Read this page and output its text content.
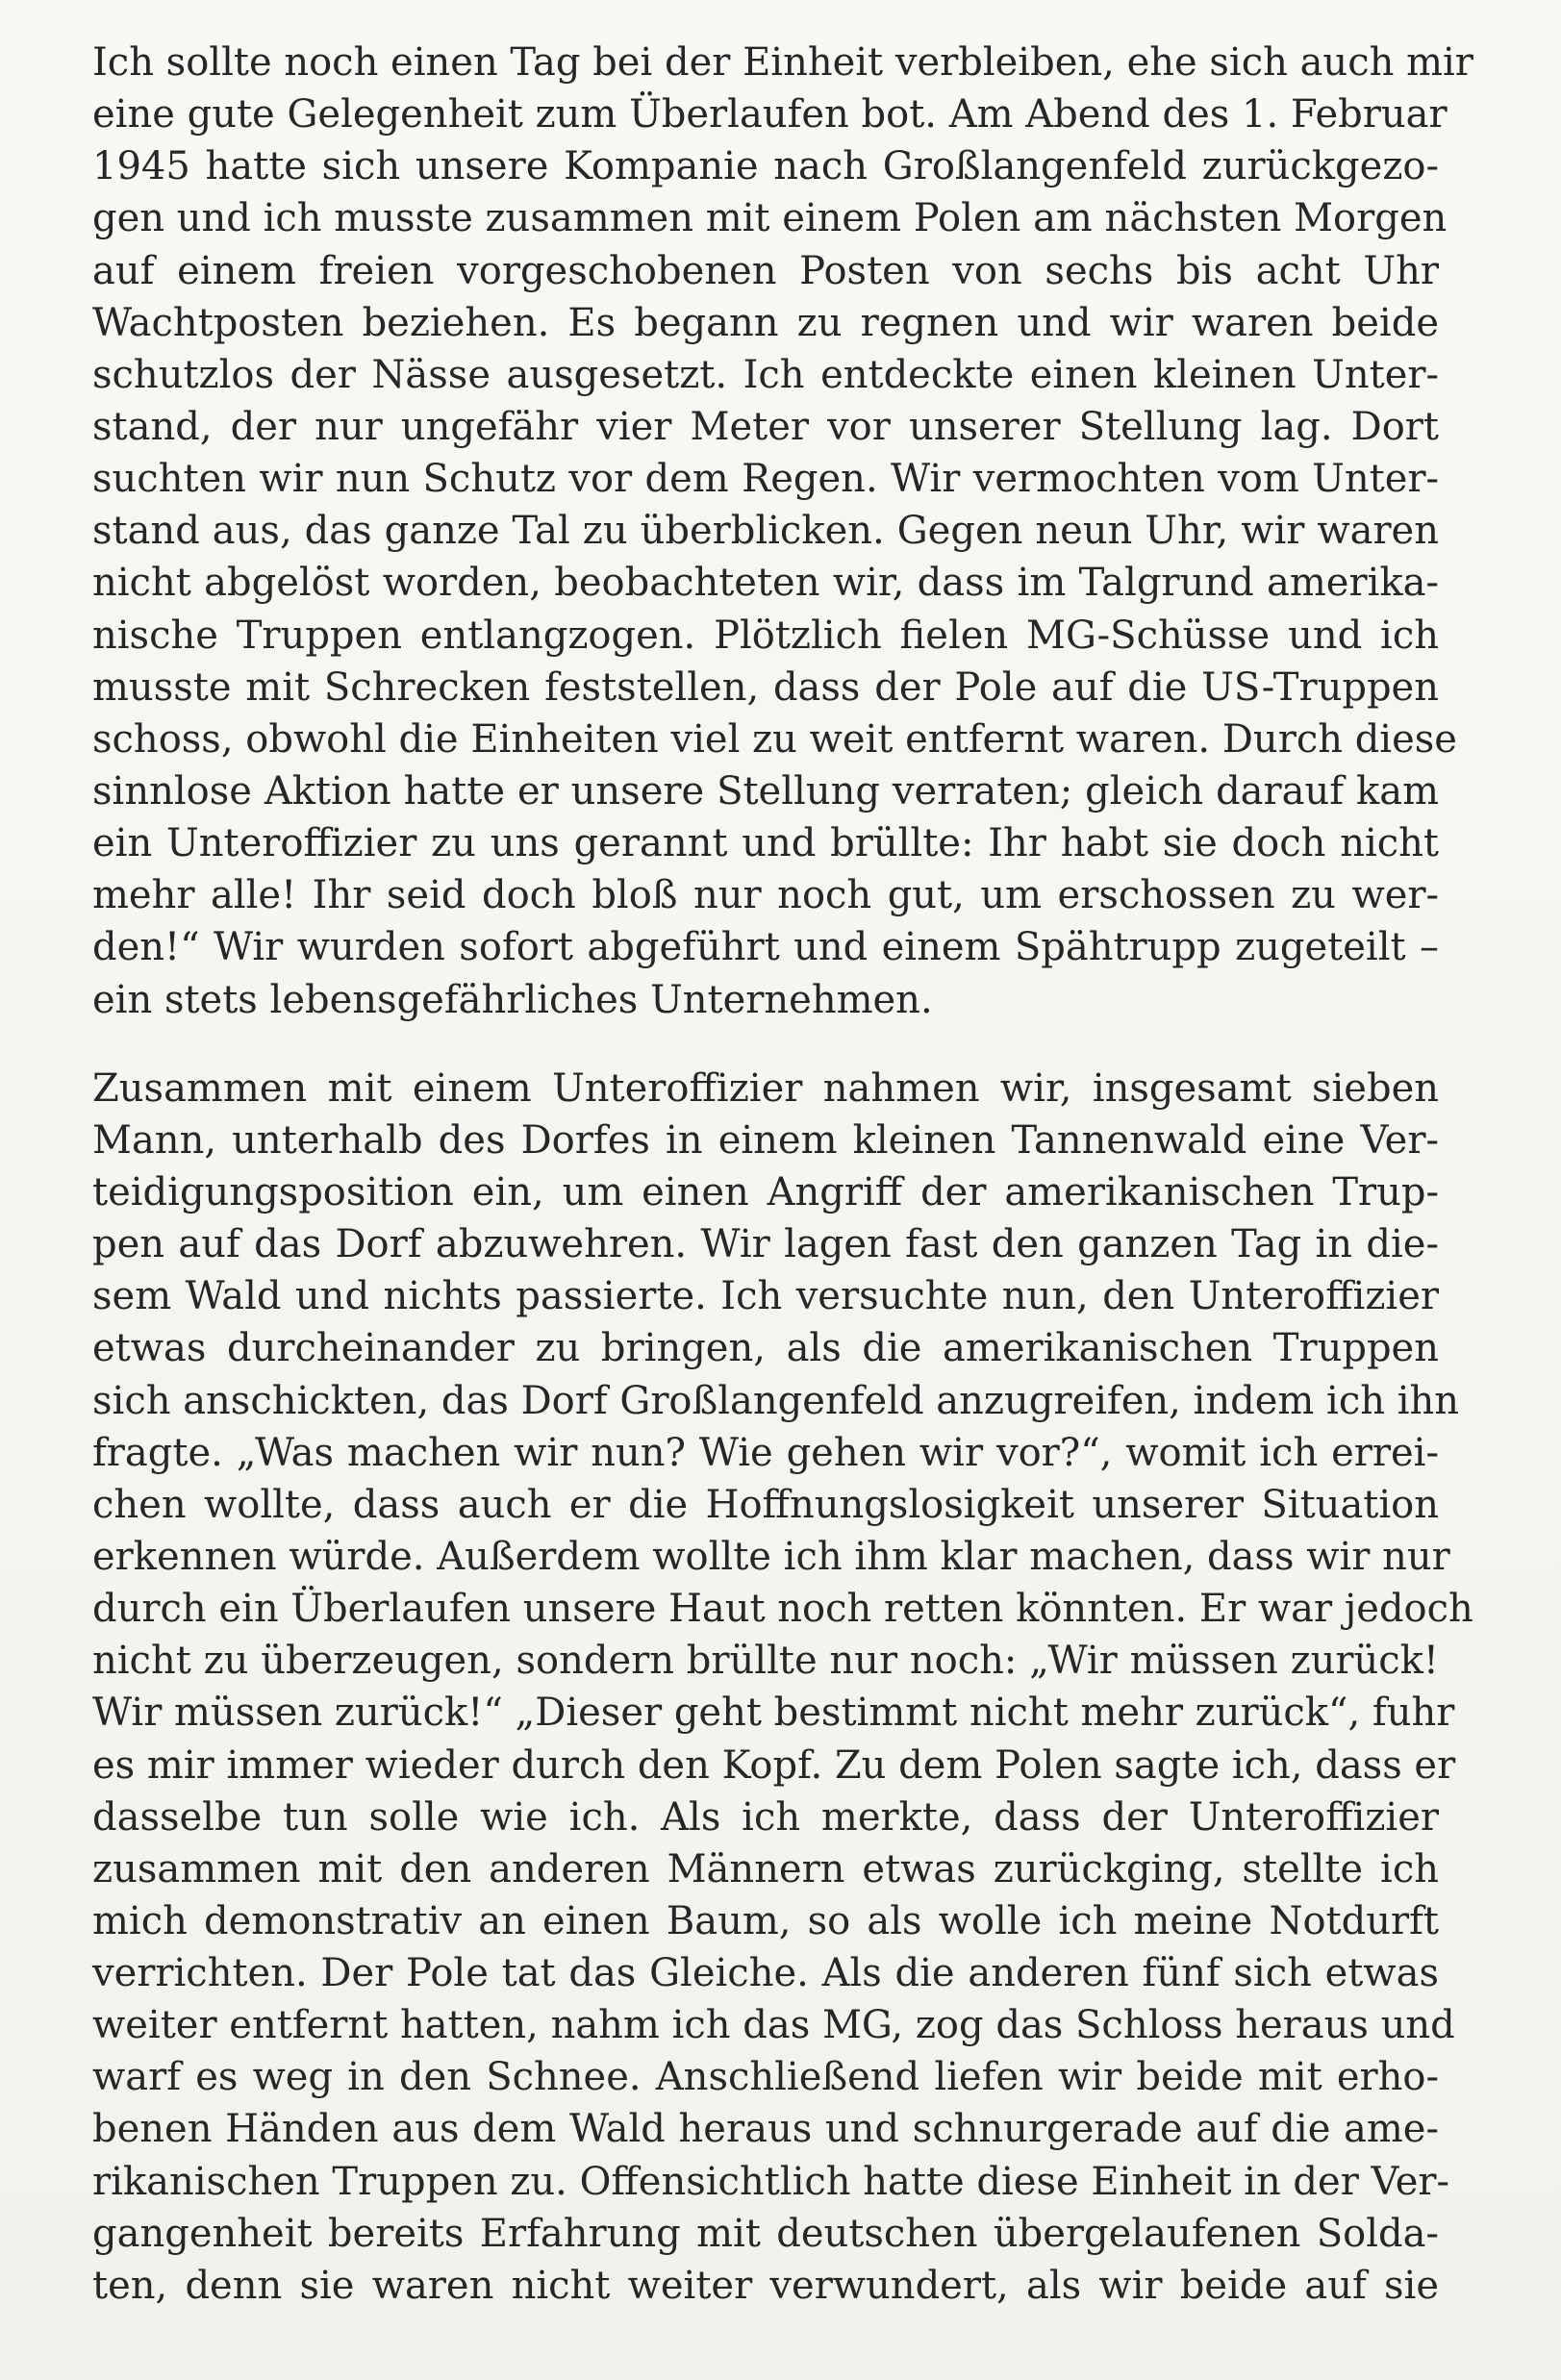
Ich sollte noch einen Tag bei der Einheit verbleiben, ehe sich auch mir
eine gute Gelegenheit zum Überlaufen bot. Am Abend des 1. Februar
1945 hatte sich unsere Kompanie nach Großlangenfeld zurückgezo-
gen und ich musste zusammen mit einem Polen am nächsten Morgen
auf einem freien vorgeschobenen Posten von sechs bis acht Uhr
Wachtposten beziehen. Es begann zu regnen und wir waren beide
schutzlos der Nässe ausgesetzt. Ich entdeckte einen kleinen Unter-
stand, der nur ungefähr vier Meter vor unserer Stellung lag. Dort
suchten wir nun Schutz vor dem Regen. Wir vermochten vom Unter-
stand aus, das ganze Tal zu überblicken. Gegen neun Uhr, wir waren
nicht abgelöst worden, beobachteten wir, dass im Talgrund amerika-
nische Truppen entlangzogen. Plötzlich fielen MG-Schüsse und ich
musste mit Schrecken feststellen, dass der Pole auf die US-Truppen
schoss, obwohl die Einheiten viel zu weit entfernt waren. Durch diese
sinnlose Aktion hatte er unsere Stellung verraten; gleich darauf kam
ein Unteroffizier zu uns gerannt und brüllte: Ihr habt sie doch nicht
mehr alle! Ihr seid doch bloß nur noch gut, um erschossen zu wer-
den!“ Wir wurden sofort abgeführt und einem Spähtrupp zugeteilt –
ein stets lebensgefährliches Unternehmen.
Zusammen mit einem Unteroffizier nahmen wir, insgesamt sieben
Mann, unterhalb des Dorfes in einem kleinen Tannenwald eine Ver-
teidigungsposition ein, um einen Angriff der amerikanischen Trup-
pen auf das Dorf abzuwehren. Wir lagen fast den ganzen Tag in die-
sem Wald und nichts passierte. Ich versuchte nun, den Unteroffizier
etwas durcheinander zu bringen, als die amerikanischen Truppen
sich anschickten, das Dorf Großlangenfeld anzugreifen, indem ich ihn
fragte. „Was machen wir nun? Wie gehen wir vor?“, womit ich errei-
chen wollte, dass auch er die Hoffnungslosigkeit unserer Situation
erkennen würde. Außerdem wollte ich ihm klar machen, dass wir nur
durch ein Überlaufen unsere Haut noch retten könnten. Er war jedoch
nicht zu überzeugen, sondern brüllte nur noch: „Wir müssen zurück!
Wir müssen zurück!“ „Dieser geht bestimmt nicht mehr zurück“, fuhr
es mir immer wieder durch den Kopf. Zu dem Polen sagte ich, dass er
dasselbe tun solle wie ich. Als ich merkte, dass der Unteroffizier
zusammen mit den anderen Männern etwas zurückging, stellte ich
mich demonstrativ an einen Baum, so als wolle ich meine Notdurft
verrichten. Der Pole tat das Gleiche. Als die anderen fünf sich etwas
weiter entfernt hatten, nahm ich das MG, zog das Schloss heraus und
warf es weg in den Schnee. Anschließend liefen wir beide mit erho-
benen Händen aus dem Wald heraus und schnurgerade auf die ame-
rikanischen Truppen zu. Offensichtlich hatte diese Einheit in der Ver-
gangenheit bereits Erfahrung mit deutschen übergelaufenen Solda-
ten, denn sie waren nicht weiter verwundert, als wir beide auf sie
